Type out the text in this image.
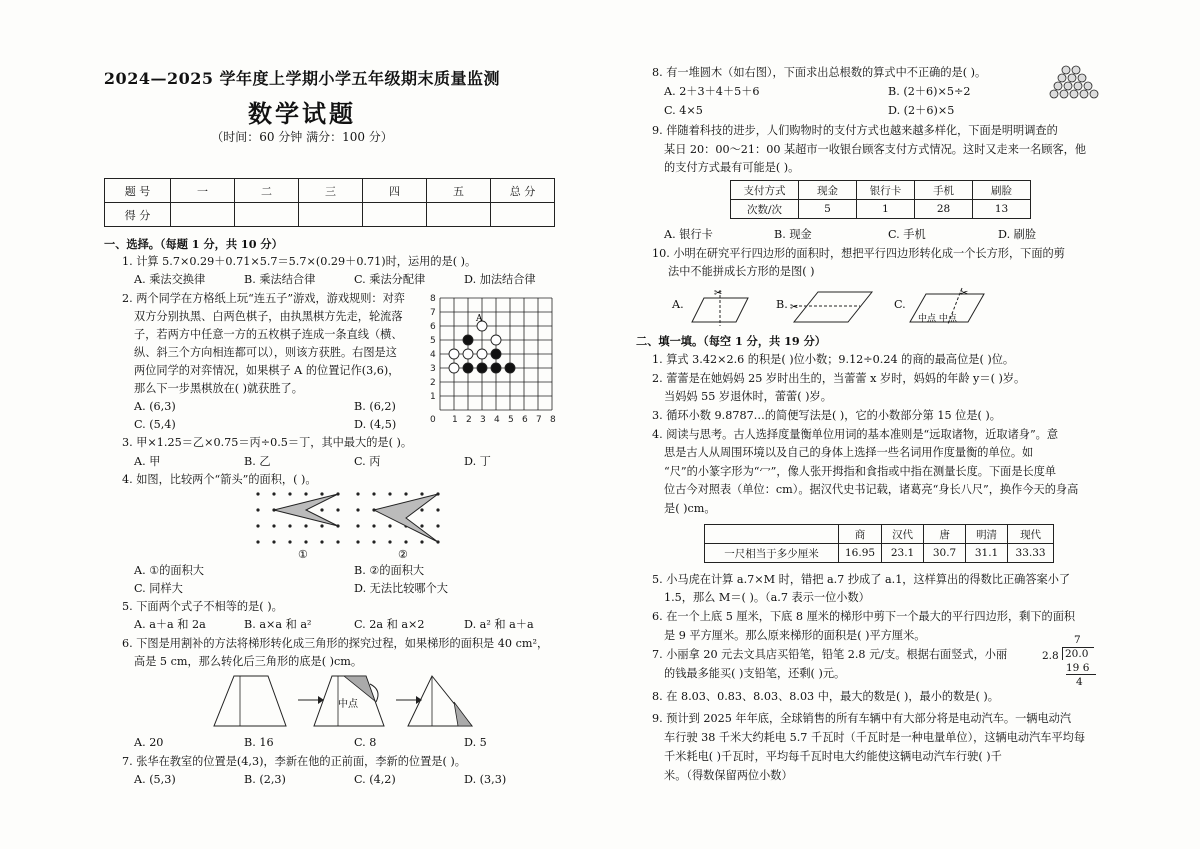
2024—2025 学年度上学期小学五年级期末质量监测
数学试题
（时间：60 分钟 满分：100 分）
题 号	一	二	三	四	五	总 分
得 分						
一、选择。（每题 1 分，共 10 分）
1. 计算 5.7×0.29＋0.71×5.7＝5.7×(0.29＋0.71)时，运用的是( )。
A. 乘法交换律	B. 乘法结合律	C. 乘法分配律	D. 加法结合律
2. 两个同学在方格纸上玩“连五子”游戏，游戏规则：对弈
双方分别执黑、白两色棋子，由执黑棋方先走，轮流落
子，若两方中任意一方的五枚棋子连成一条直线（横、
纵、斜三个方向相连都可以），则该方获胜。右图是这
两位同学的对弈情况，如果棋子 A 的位置记作(3,6)，
那么下一步黑棋放在( )就获胜了。
A. (6,3)	B. (6,2)
C. (5,4)	D. (4,5)
8
7
6
5
4
3
2
1
0 1 2 3 4 5 6 7 8
A
3. 甲×1.25＝乙×0.75＝丙÷0.5＝丁，其中最大的是( )。
A. 甲	B. 乙	C. 丙	D. 丁
4. 如图，比较两个“箭头”的面积，( )。
①	②
A. ①的面积大	B. ②的面积大
C. 同样大	D. 无法比较哪个大
5. 下面两个式子不相等的是( )。
A. a＋a 和 2a	B. a×a 和 a²	C. 2a 和 a×2	D. a² 和 a＋a
6. 下图是用割补的方法将梯形转化成三角形的探究过程，如果梯形的面积是 40 cm²，
高是 5 cm，那么转化后三角形的底是( )cm。
中点
A. 20	B. 16	C. 8	D. 5
7. 张华在教室的位置是(4,3)，李新在他的正前面，李新的位置是( )。
A. (5,3)	B. (2,3)	C. (4,2)	D. (3,3)
8. 有一堆圆木（如右图），下面求出总根数的算式中不正确的是( )。
A. 2＋3＋4＋5＋6	B. (2＋6)×5÷2
C. 4×5	D. (2＋6)×5
9. 伴随着科技的进步，人们购物时的支付方式也越来越多样化，下面是明明调查的
某日 20：00～21：00 某超市一收银台顾客支付方式情况。这时又走来一名顾客，他
的支付方式最有可能是( )。
支付方式	现金	银行卡	手机	刷脸
次数/次	5	1	28	13
A. 银行卡	B. 现金	C. 手机	D. 刷脸
10. 小明在研究平行四边形的面积时，想把平行四边形转化成一个长方形，下面的剪
法中不能拼成长方形的是图( )
A.
✂
B. ✂	C.
✂
中点 中点
二、填一填。（每空 1 分，共 19 分）
1. 算式 3.42×2.6 的积是( )位小数；9.12÷0.24 的商的最高位是( )位。
2. 蕾蕾是在她妈妈 25 岁时出生的，当蕾蕾 x 岁时，妈妈的年龄 y＝( )岁。
当妈妈 55 岁退休时，蕾蕾( )岁。
3. 循环小数 9.8787…的简便写法是( )，它的小数部分第 15 位是( )。
4. 阅读与思考。古人选择度量衡单位用词的基本准则是“远取诸物，近取诸身”。意
思是古人从周围环境以及自己的身体上选择一些名词用作度量衡的单位。如
“尺”的小篆字形为“冖”，像人张开拇指和食指或中指在测量长度。下面是长度单
位古今对照表（单位：cm）。据汉代史书记载，诸葛亮“身长八尺”，换作今天的身高
是( )cm。
	商	汉代	唐	明清	现代
一尺相当于多少厘米	16.95	23.1	30.7	31.1	33.33
5. 小马虎在计算 a.7×M 时，错把 a.7 抄成了 a.1，这样算出的得数比正确答案小了
1.5，那么 M＝( )。（a.7 表示一位小数）
6. 在一个上底 5 厘米，下底 8 厘米的梯形中剪下一个最大的平行四边形，剩下的面积
是 9 平方厘米。那么原来梯形的面积是( )平方厘米。
7. 小丽拿 20 元去文具店买铅笔，铅笔 2.8 元/支。根据右面竖式，小丽
的钱最多能买( )支铅笔，还剩( )元。
7
2.8 20.0
19 6
4
8. 在 8.03、0.83、8.03、8.03 中，最大的数是( )，最小的数是( )。
9. 预计到 2025 年年底，全球销售的所有车辆中有大部分将是电动汽车。一辆电动汽
车行驶 38 千米大约耗电 5.7 千瓦时（千瓦时是一种电量单位），这辆电动汽车平均每
千米耗电( )千瓦时，平均每千瓦时电大约能使这辆电动汽车行驶( )千
米。（得数保留两位小数）
